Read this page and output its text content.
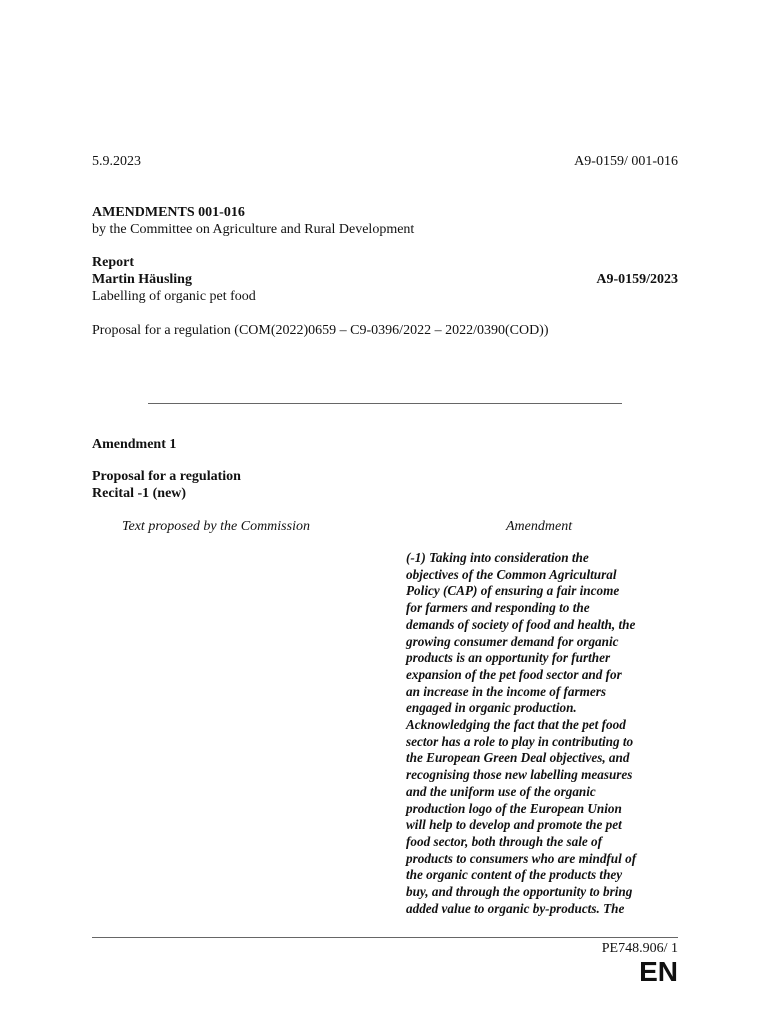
5.9.2023	A9-0159/ 001-016
AMENDMENTS 001-016
by the Committee on Agriculture and Rural Development
Report
Martin Häusling	A9-0159/2023
Labelling of organic pet food
Proposal for a regulation (COM(2022)0659 – C9-0396/2022 – 2022/0390(COD))
Amendment 1
Proposal for a regulation
Recital -1 (new)
Text proposed by the Commission	Amendment
(-1) Taking into consideration the
objectives of the Common Agricultural
Policy (CAP) of ensuring a fair income
for farmers and responding to the
demands of society of food and health, the
growing consumer demand for organic
products is an opportunity for further
expansion of the pet food sector and for
an increase in the income of farmers
engaged in organic production.
Acknowledging the fact that the pet food
sector has a role to play in contributing to
the European Green Deal objectives, and
recognising those new labelling measures
and the uniform use of the organic
production logo of the European Union
will help to develop and promote the pet
food sector, both through the sale of
products to consumers who are mindful of
the organic content of the products they
buy, and through the opportunity to bring
added value to organic by-products. The
PE748.906/ 1
EN
